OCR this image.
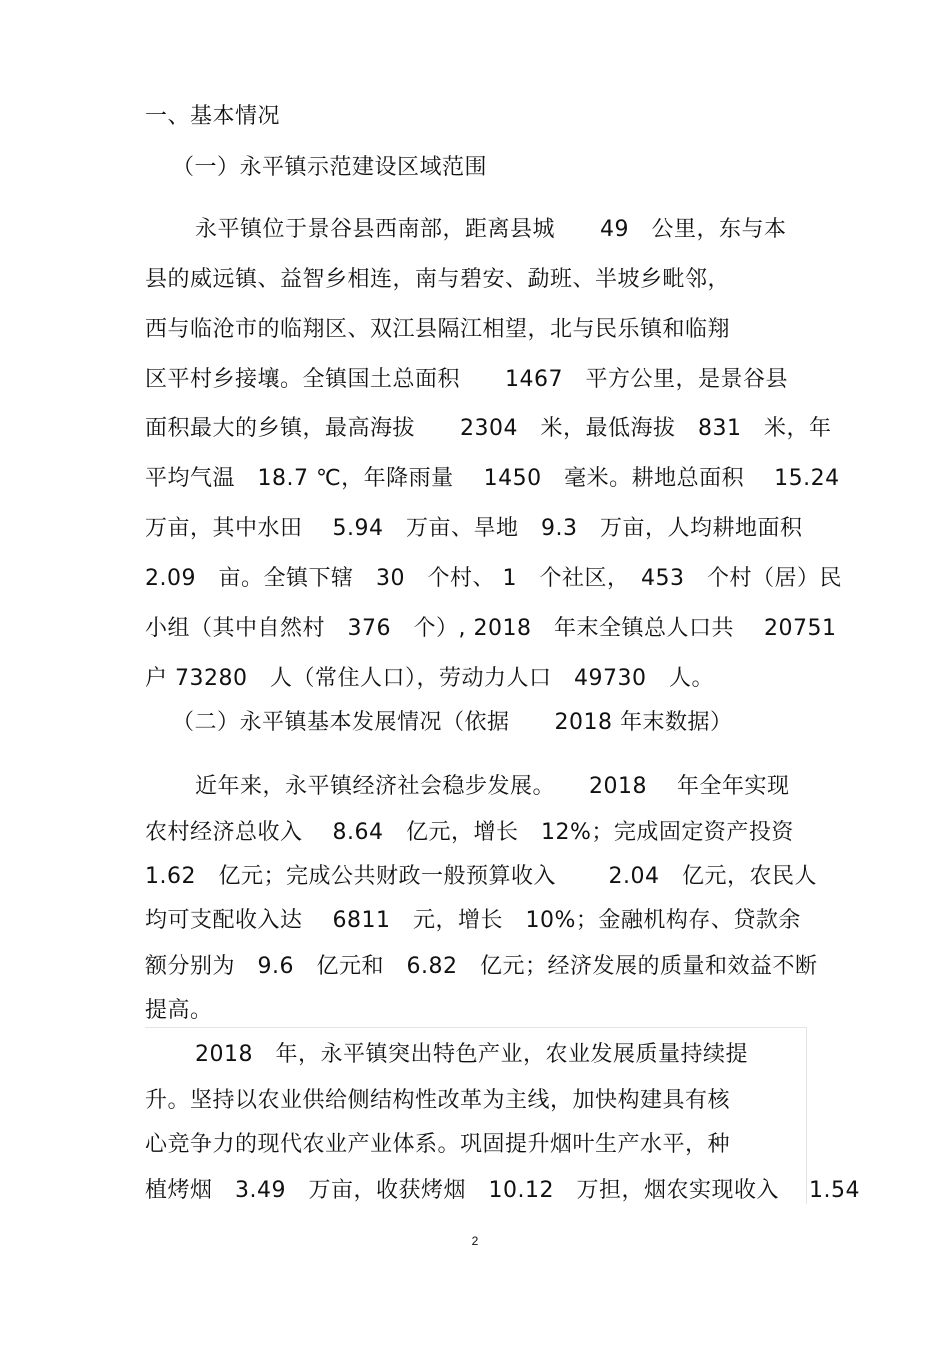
一、基本情况
（一）永平镇示范建设区域范围
永平镇位于景谷县西南部，距离县城　　49　公里，东与本
县的威远镇、益智乡相连，南与碧安、勐班、半坡乡毗邻，
西与临沧市的临翔区、双江县隔江相望，北与民乐镇和临翔
区平村乡接壤。全镇国土总面积　　1467　平方公里，是景谷县
面积最大的乡镇，最高海拔　　2304　米，最低海拔　831　米，年
平均气温　18.7 ℃，年降雨量　 1450　毫米。耕地总面积　 15.24
万亩，其中水田　 5.94　万亩、旱地　9.3　万亩，人均耕地面积
2.09　亩。全镇下辖　30　个村、 1　个社区，　453　个村（居）民
小组（其中自然村　376　个）, 2018　年末全镇总人口共　 20751
户 73280　人（常住人口），劳动力人口　49730　人。
（二）永平镇基本发展情况（依据　　2018 年末数据）
近年来，永平镇经济社会稳步发展。　　2018　 年全年实现
农村经济总收入　 8.64　亿元，增长　12%；完成固定资产投资
1.62　亿元；完成公共财政一般预算收入　　 2.04　亿元，农民人
均可支配收入达　 6811　元，增长　10%；金融机构存、贷款余
额分别为　9.6　亿元和　6.82　亿元；经济发展的质量和效益不断
提高。
2018　年，永平镇突出特色产业，农业发展质量持续提
升。坚持以农业供给侧结构性改革为主线，加快构建具有核
心竞争力的现代农业产业体系。巩固提升烟叶生产水平，种
植烤烟　3.49　万亩，收获烤烟　10.12　万担，烟农实现收入　 1.54
2
